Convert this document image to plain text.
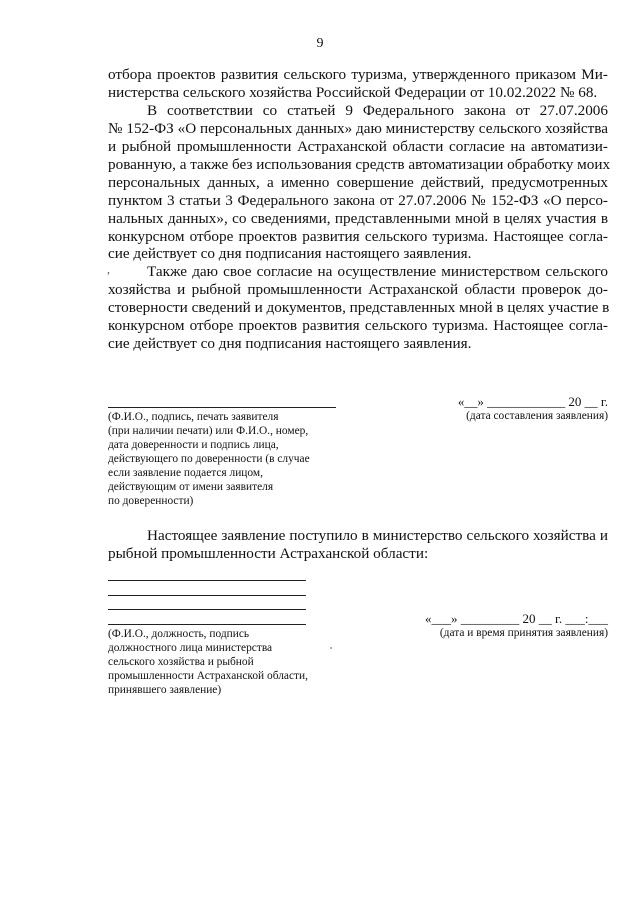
9
отбора проектов развития сельского туризма, утвержденного приказом Ми-
нистерства сельского хозяйства Российской Федерации от 10.02.2022 № 68.
В соответствии со статьей 9 Федерального закона от 27.07.2006
№ 152-ФЗ «О персональных данных» даю министерству сельского хозяйства
и рыбной промышленности Астраханской области согласие на автоматизи-
рованную, а также без использования средств автоматизации обработку моих
персональных данных, а именно совершение действий, предусмотренных
пунктом 3 статьи 3 Федерального закона от 27.07.2006 № 152-ФЗ «О персо-
нальных данных», со сведениями, представленными мной в целях участия в
конкурсном отборе проектов развития сельского туризма. Настоящее согла-
сие действует со дня подписания настоящего заявления.
, Также даю свое согласие на осуществление министерством сельского
хозяйства и рыбной промышленности Астраханской области проверок до-
стоверности сведений и документов, представленных мной в целях участие в
конкурсном отборе проектов развития сельского туризма. Настоящее согла-
сие действует со дня подписания настоящего заявления.
(Ф.И.О., подпись, печать заявителя
(при наличии печати) или Ф.И.О., номер,
дата доверенности и подпись лица,
действующего по доверенности (в случае
если заявление подается лицом,
действующим от имени заявителя
по доверенности)
«__» ____________ 20 __ г.
(дата составления заявления)
Настоящее заявление поступило в министерство сельского хозяйства и
рыбной промышленности Астраханской области:
(Ф.И.О., должность, подпись
должностного лица министерства
сельского хозяйства и рыбной
промышленности Астраханской области,
принявшего заявление)
«___» _________ 20 __ г. ___:___
(дата и время принятия заявления)
